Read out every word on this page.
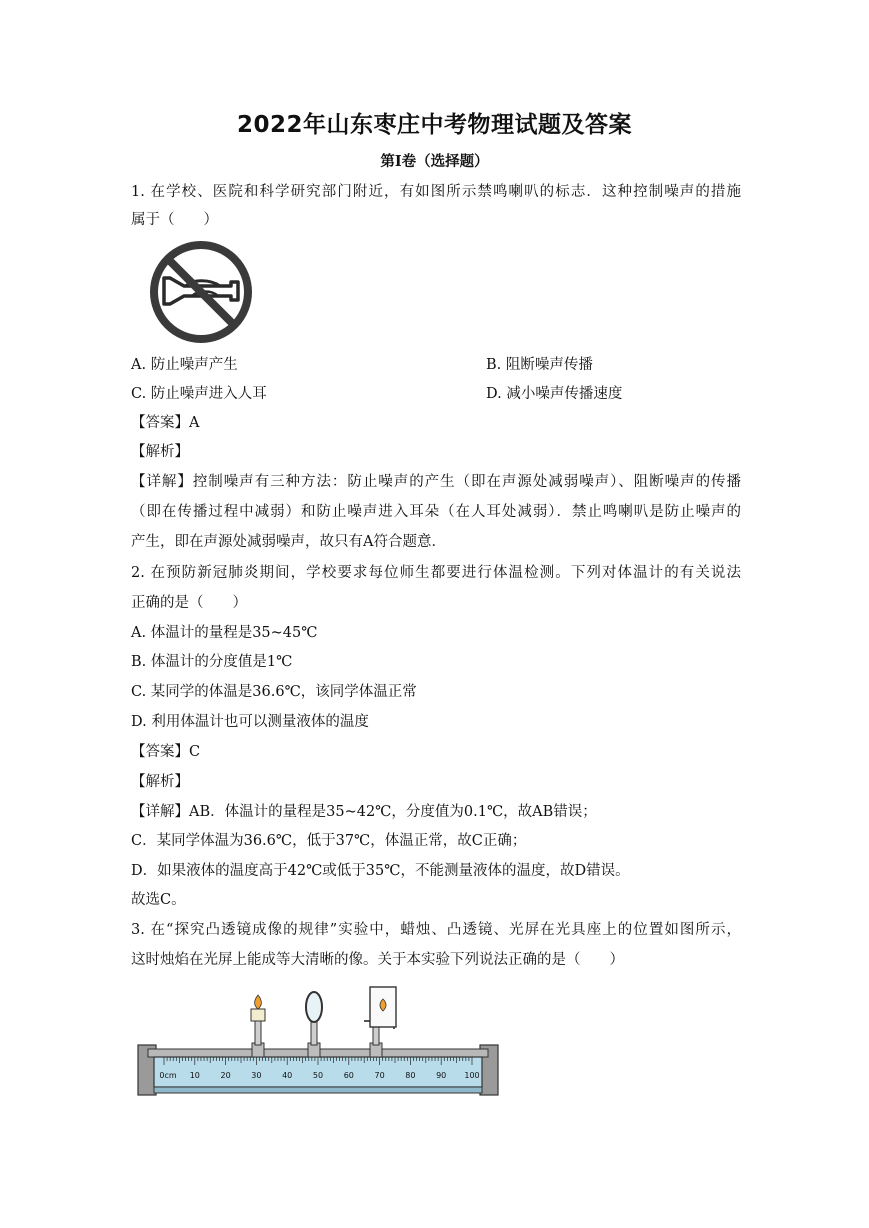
2022年山东枣庄中考物理试题及答案
第Ⅰ卷（选择题）
1. 在学校、医院和科学研究部门附近，有如图所示禁鸣喇叭的标志．这种控制噪声的措施
属于（　　）
A. 防止噪声产生	B. 阻断噪声传播
C. 防止噪声进入人耳	D. 减小噪声传播速度
【答案】A
【解析】
【详解】控制噪声有三种方法：防止噪声的产生（即在声源处减弱噪声）、阻断噪声的传播
（即在传播过程中减弱）和防止噪声进入耳朵（在人耳处减弱）．禁止鸣喇叭是防止噪声的
产生，即在声源处减弱噪声，故只有A符合题意．
2. 在预防新冠肺炎期间，学校要求每位师生都要进行体温检测。下列对体温计的有关说法
正确的是（　　）
A. 体温计的量程是35~45℃
B. 体温计的分度值是1℃
C. 某同学的体温是36.6℃，该同学体温正常
D. 利用体温计也可以测量液体的温度
【答案】C
【解析】
【详解】AB．体温计的量程是35~42℃，分度值为0.1℃，故AB错误；
C．某同学体温为36.6℃，低于37℃，体温正常，故C正确；
D．如果液体的温度高于42℃或低于35℃，不能测量液体的温度，故D错误。
故选C。
3. 在“探究凸透镜成像的规律”实验中，蜡烛、凸透镜、光屏在光具座上的位置如图所示，
这时烛焰在光屏上能成等大清晰的像。关于本实验下列说法正确的是（　　）
0cm 10	20	30	40	50	60	70	80	90 100
